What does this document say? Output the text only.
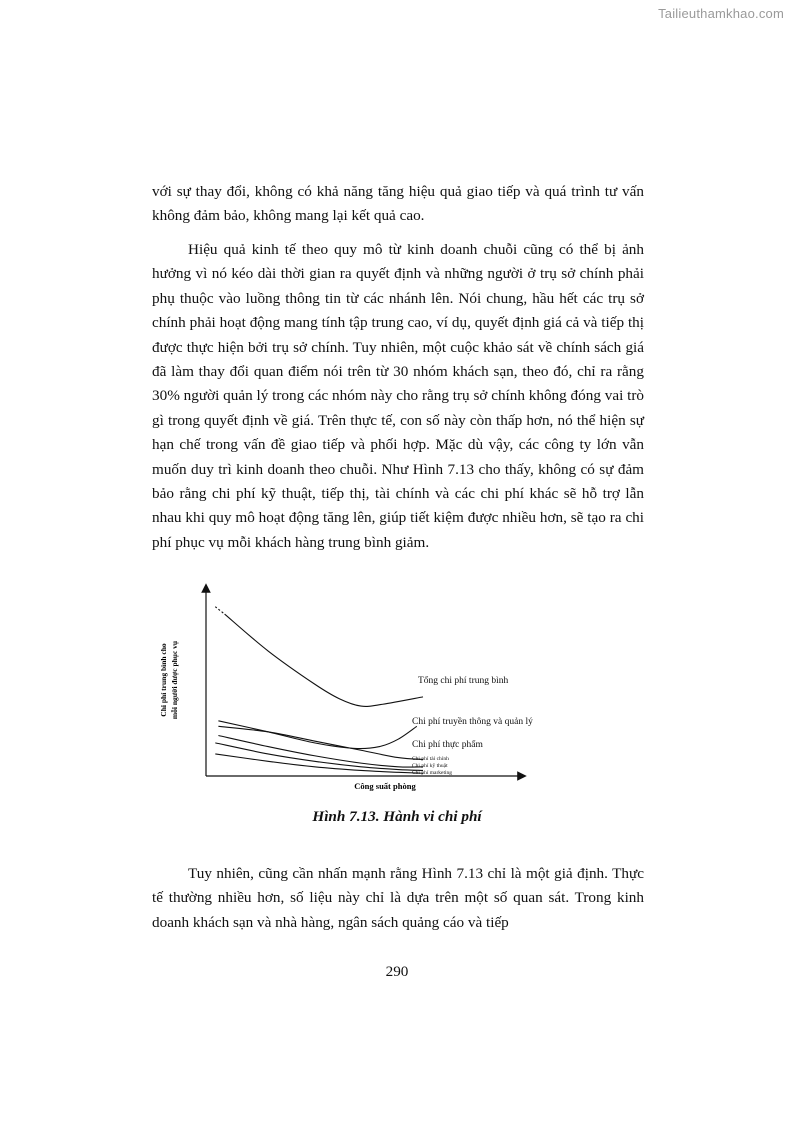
Tailieuthamkhao.com

với sự thay đổi, không có khả năng tăng hiệu quả giao tiếp và quá trình tư vấn không đảm bảo, không mang lại kết quả cao.

Hiệu quả kinh tế theo quy mô từ kinh doanh chuỗi cũng có thể bị ảnh hưởng vì nó kéo dài thời gian ra quyết định và những người ở trụ sở chính phải phụ thuộc vào luồng thông tin từ các nhánh lên. Nói chung, hầu hết các trụ sở chính phải hoạt động mang tính tập trung cao, ví dụ, quyết định giá cả và tiếp thị được thực hiện bởi trụ sở chính. Tuy nhiên, một cuộc khảo sát về chính sách giá đã làm thay đổi quan điểm nói trên từ 30 nhóm khách sạn, theo đó, chỉ ra rằng 30% người quản lý trong các nhóm này cho rằng trụ sở chính không đóng vai trò gì trong quyết định về giá. Trên thực tế, con số này còn thấp hơn, nó thể hiện sự hạn chế trong vấn đề giao tiếp và phối hợp. Mặc dù vậy, các công ty lớn vẫn muốn duy trì kinh doanh theo chuỗi. Như Hình 7.13 cho thấy, không có sự đảm bảo rằng chi phí kỹ thuật, tiếp thị, tài chính và các chi phí khác sẽ hỗ trợ lẫn nhau khi quy mô hoạt động tăng lên, giúp tiết kiệm được nhiều hơn, sẽ tạo ra chi phí phục vụ mỗi khách hàng trung bình giảm.

Tổng chi phí trung bình
Chi phí truyền thông và quản lý
Chi phí thực phẩm
Chi phí tài chính
Chi phí kỹ thuật
Chi phí marketing
Công suất phòng
Chi phí trung bình cho mỗi người được phục vụ
Hình 7.13. Hành vi chi phí

Tuy nhiên, cũng cần nhấn mạnh rằng Hình 7.13 chỉ là một giả định. Thực tế thường nhiều hơn, số liệu này chỉ là dựa trên một số quan sát. Trong kinh doanh khách sạn và nhà hàng, ngân sách quảng cáo và tiếp

290
